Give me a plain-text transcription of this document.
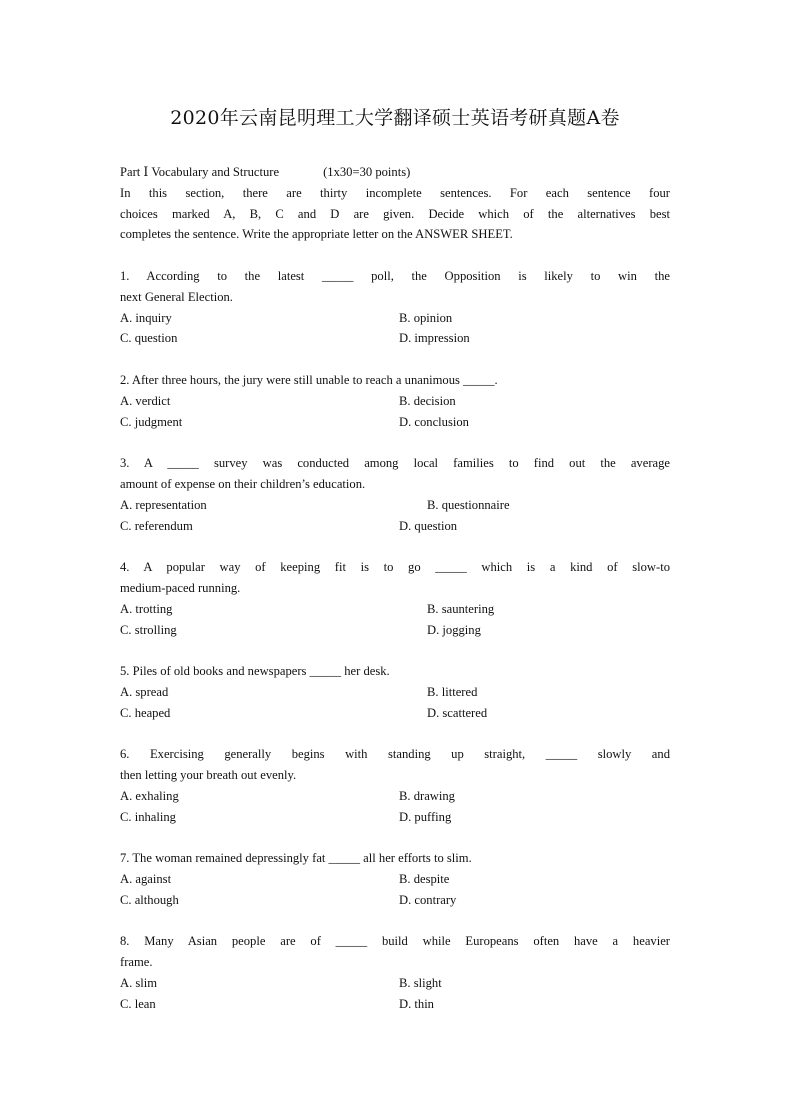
2020年云南昆明理工大学翻译硕士英语考研真题A卷

Part Ⅰ Vocabulary and Structure	(1x30=30 points)

In this section, there are thirty incomplete sentences. For each sentence four

choices marked A, B, C and D are given. Decide which of the alternatives best

completes the sentence. Write the appropriate letter on the ANSWER SHEET.

1. According to the latest _____ poll, the Opposition is likely to win the

next General Election.

A. inquiry	B. opinion
C. question	D. impression

2. After three hours, the jury were still unable to reach a unanimous _____.

A. verdict	B. decision
C. judgment	D. conclusion

3. A _____ survey was conducted among local families to find out the average

amount of expense on their children’s education.

A. representation	B. questionnaire
C. referendum	D. question

4. A popular way of keeping fit is to go _____ which is a kind of slow-to

medium-paced running.

A. trotting	B. sauntering
C. strolling	D. jogging

5. Piles of old books and newspapers _____ her desk.

A. spread	B. littered
C. heaped	D. scattered

6. Exercising generally begins with standing up straight, _____ slowly and

then letting your breath out evenly.

A. exhaling	B. drawing
C. inhaling	D. puffing

7. The woman remained depressingly fat _____ all her efforts to slim.

A. against	B. despite
C. although	D. contrary

8. Many Asian people are of _____ build while Europeans often have a heavier

frame.

A. slim	B. slight
C. lean	D. thin
